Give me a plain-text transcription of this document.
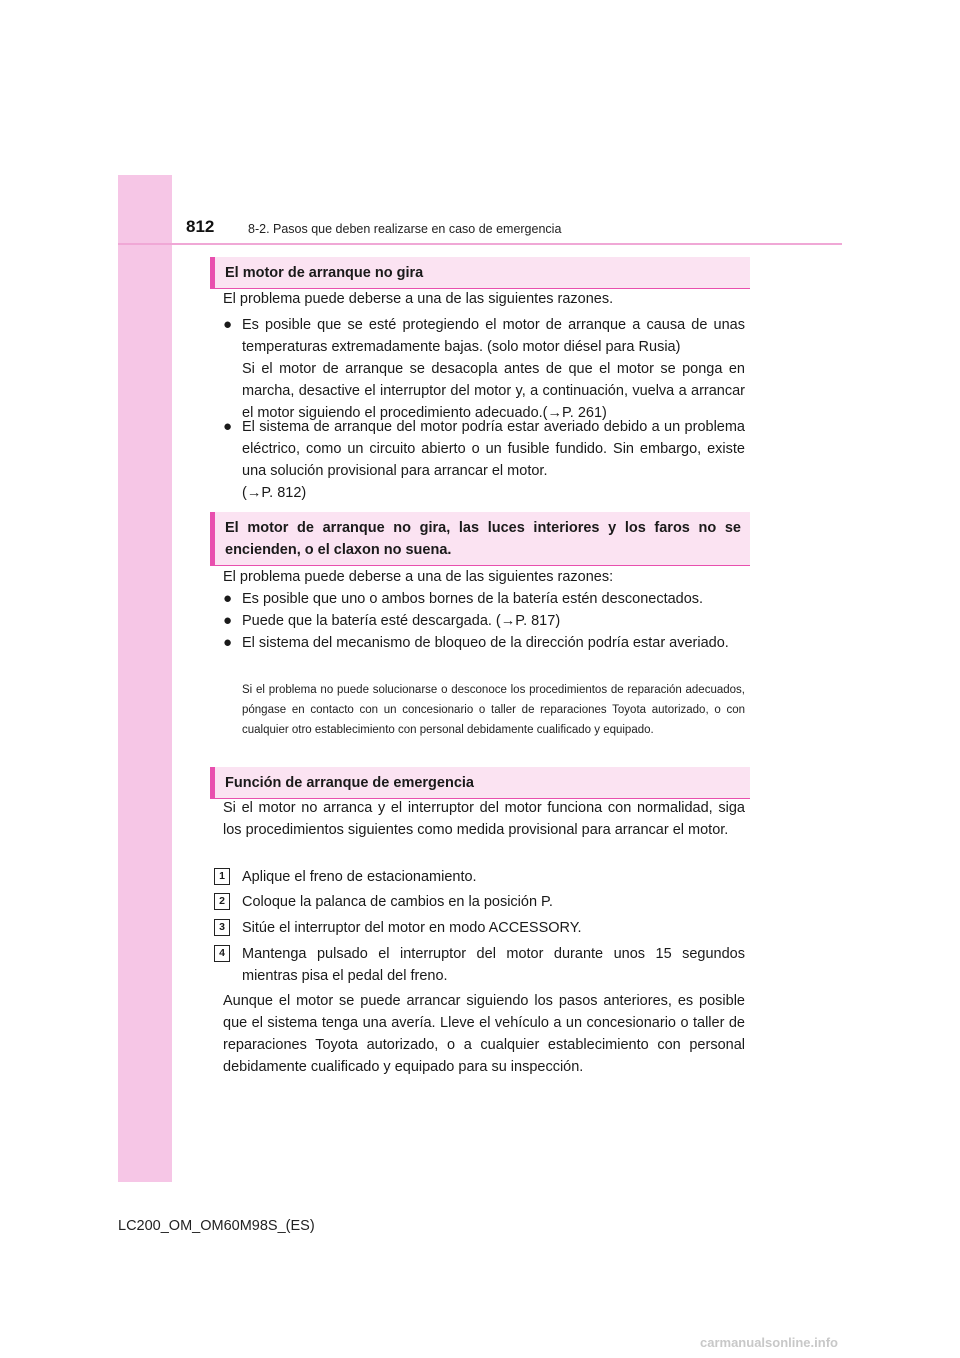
812	8-2. Pasos que deben realizarse en caso de emergencia
El motor de arranque no gira
El problema puede deberse a una de las siguientes razones.
● Es posible que se esté protegiendo el motor de arranque a causa de unas temperaturas extremadamente bajas. (solo motor diésel para Rusia)
Si el motor de arranque se desacopla antes de que el motor se ponga en marcha, desactive el interruptor del motor y, a continuación, vuelva a arrancar el motor siguiendo el procedimiento adecuado.(→P. 261)
● El sistema de arranque del motor podría estar averiado debido a un problema eléctrico, como un circuito abierto o un fusible fundido. Sin embargo, existe una solución provisional para arrancar el motor.
(→P. 812)
El motor de arranque no gira, las luces interiores y los faros no se encienden, o el claxon no suena.
El problema puede deberse a una de las siguientes razones:
● Es posible que uno o ambos bornes de la batería estén desconectados.
● Puede que la batería esté descargada. (→P. 817)
● El sistema del mecanismo de bloqueo de la dirección podría estar averiado.
Si el problema no puede solucionarse o desconoce los procedimientos de reparación adecuados, póngase en contacto con un concesionario o taller de reparaciones Toyota autorizado, o con cualquier otro establecimiento con personal debidamente cualificado y equipado.
Función de arranque de emergencia
Si el motor no arranca y el interruptor del motor funciona con normalidad, siga los procedimientos siguientes como medida provisional para arrancar el motor.
1	Aplique el freno de estacionamiento.
2	Coloque la palanca de cambios en la posición P.
3	Sitúe el interruptor del motor en modo ACCESSORY.
4	Mantenga pulsado el interruptor del motor durante unos 15 segundos mientras pisa el pedal del freno.
Aunque el motor se puede arrancar siguiendo los pasos anteriores, es posible que el sistema tenga una avería. Lleve el vehículo a un concesionario o taller de reparaciones Toyota autorizado, o a cualquier establecimiento con personal debidamente cualificado y equipado para su inspección.
LC200_OM_OM60M98S_(ES)
carmanualsonline.info
